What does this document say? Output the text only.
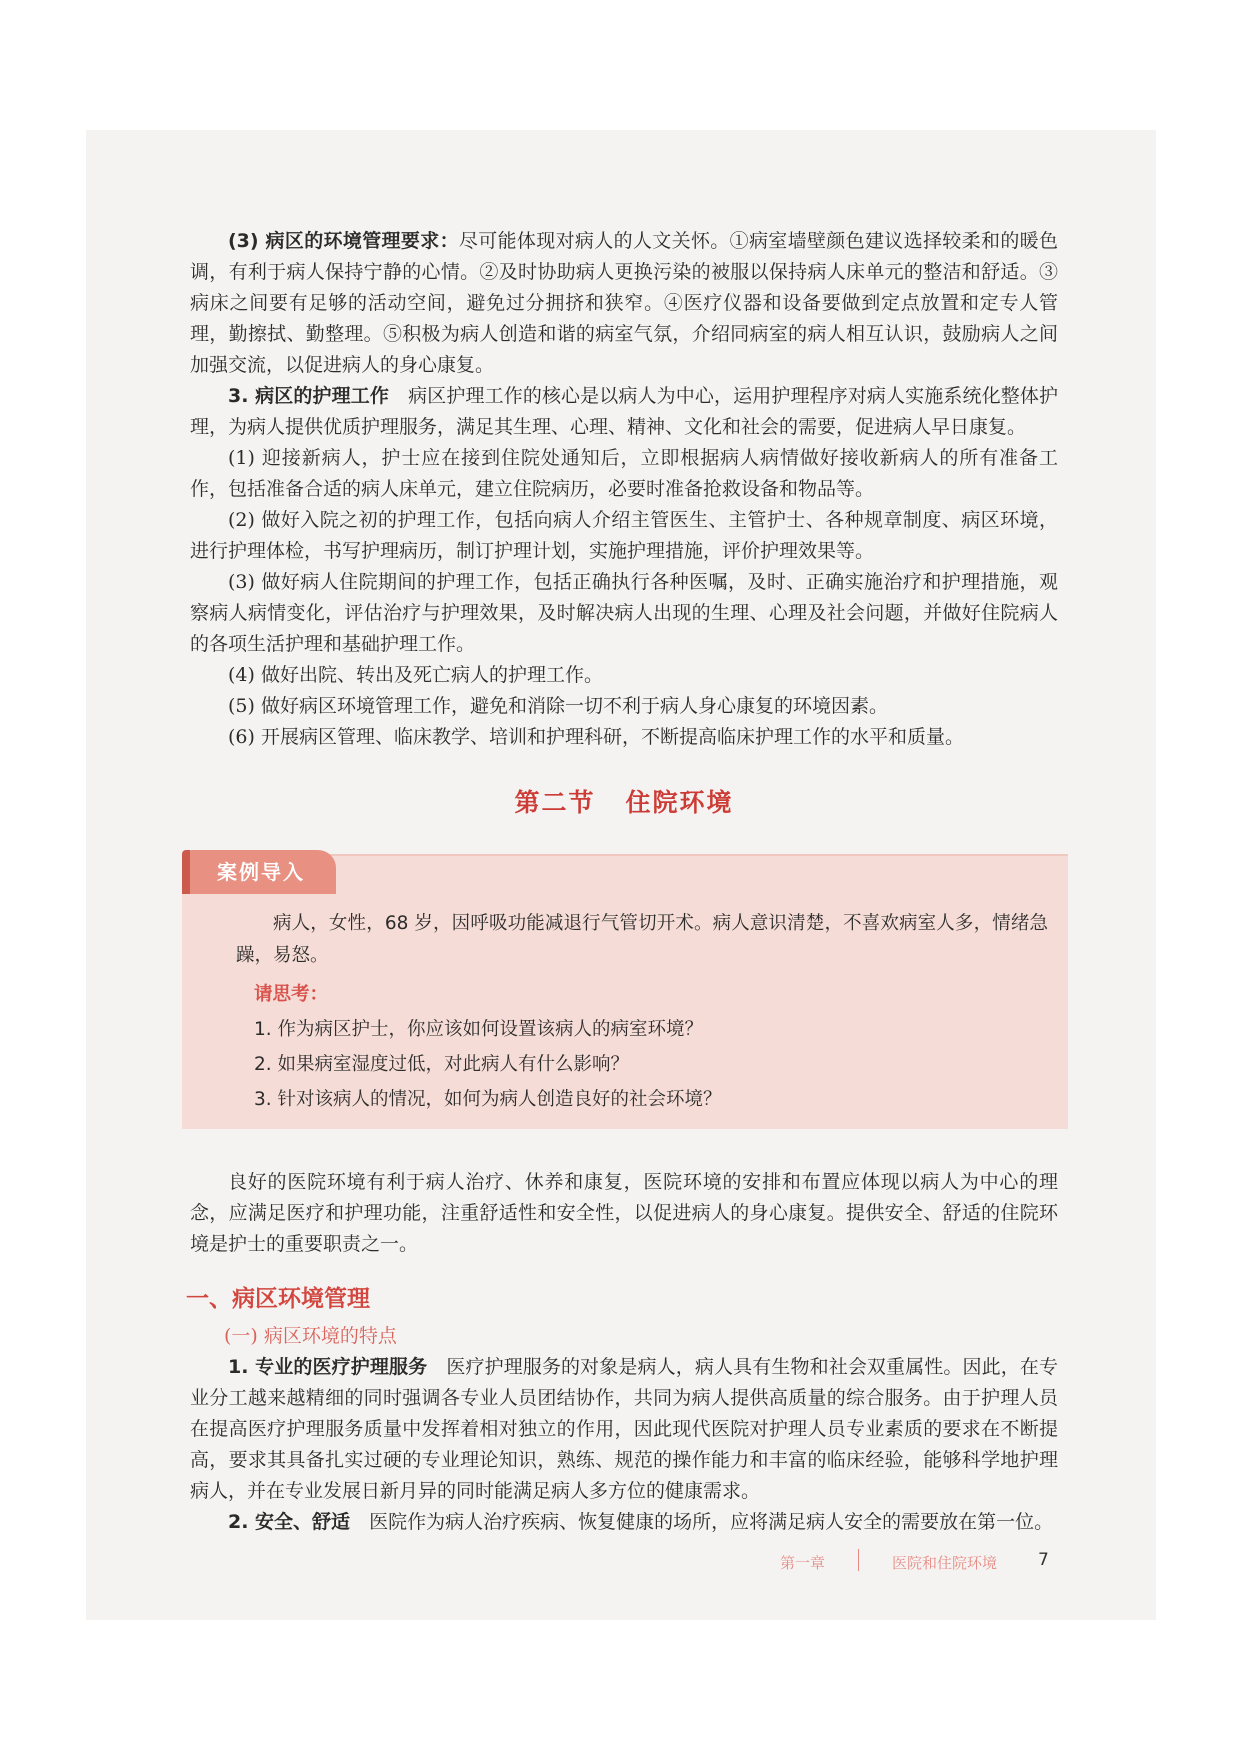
(3) 病区的环境管理要求：尽可能体现对病人的人文关怀。①病室墙壁颜色建议选择较柔和的暖色调，有利于病人保持宁静的心情。②及时协助病人更换污染的被服以保持病人床单元的整洁和舒适。③病床之间要有足够的活动空间，避免过分拥挤和狭窄。④医疗仪器和设备要做到定点放置和定专人管理，勤擦拭、勤整理。⑤积极为病人创造和谐的病室气氛，介绍同病室的病人相互认识，鼓励病人之间加强交流，以促进病人的身心康复。

3. 病区的护理工作　病区护理工作的核心是以病人为中心，运用护理程序对病人实施系统化整体护理，为病人提供优质护理服务，满足其生理、心理、精神、文化和社会的需要，促进病人早日康复。

(1) 迎接新病人，护士应在接到住院处通知后，立即根据病人病情做好接收新病人的所有准备工作，包括准备合适的病人床单元，建立住院病历，必要时准备抢救设备和物品等。

(2) 做好入院之初的护理工作，包括向病人介绍主管医生、主管护士、各种规章制度、病区环境，进行护理体检，书写护理病历，制订护理计划，实施护理措施，评价护理效果等。

(3) 做好病人住院期间的护理工作，包括正确执行各种医嘱，及时、正确实施治疗和护理措施，观察病人病情变化，评估治疗与护理效果，及时解决病人出现的生理、心理及社会问题，并做好住院病人的各项生活护理和基础护理工作。

(4) 做好出院、转出及死亡病人的护理工作。

(5) 做好病区环境管理工作，避免和消除一切不利于病人身心康复的环境因素。

(6) 开展病区管理、临床教学、培训和护理科研，不断提高临床护理工作的水平和质量。

第二节 住院环境
案例导入

病人，女性，68 岁，因呼吸功能减退行气管切开术。病人意识清楚，不喜欢病室人多，情绪急躁，易怒。

请思考：
1. 作为病区护士，你应该如何设置该病人的病室环境？
2. 如果病室湿度过低，对此病人有什么影响？
3. 针对该病人的情况，如何为病人创造良好的社会环境？

良好的医院环境有利于病人治疗、休养和康复，医院环境的安排和布置应体现以病人为中心的理念，应满足医疗和护理功能，注重舒适性和安全性，以促进病人的身心康复。提供安全、舒适的住院环境是护士的重要职责之一。

一、病区环境管理
(一) 病区环境的特点

1. 专业的医疗护理服务　医疗护理服务的对象是病人，病人具有生物和社会双重属性。因此，在专业分工越来越精细的同时强调各专业人员团结协作，共同为病人提供高质量的综合服务。由于护理人员在提高医疗护理服务质量中发挥着相对独立的作用，因此现代医院对护理人员专业素质的要求在不断提高，要求其具备扎实过硬的专业理论知识，熟练、规范的操作能力和丰富的临床经验，能够科学地护理病人，并在专业发展日新月异的同时能满足病人多方位的健康需求。

2. 安全、舒适　医院作为病人治疗疾病、恢复健康的场所，应将满足病人安全的需要放在第一位。

第一章	医院和住院环境 7
